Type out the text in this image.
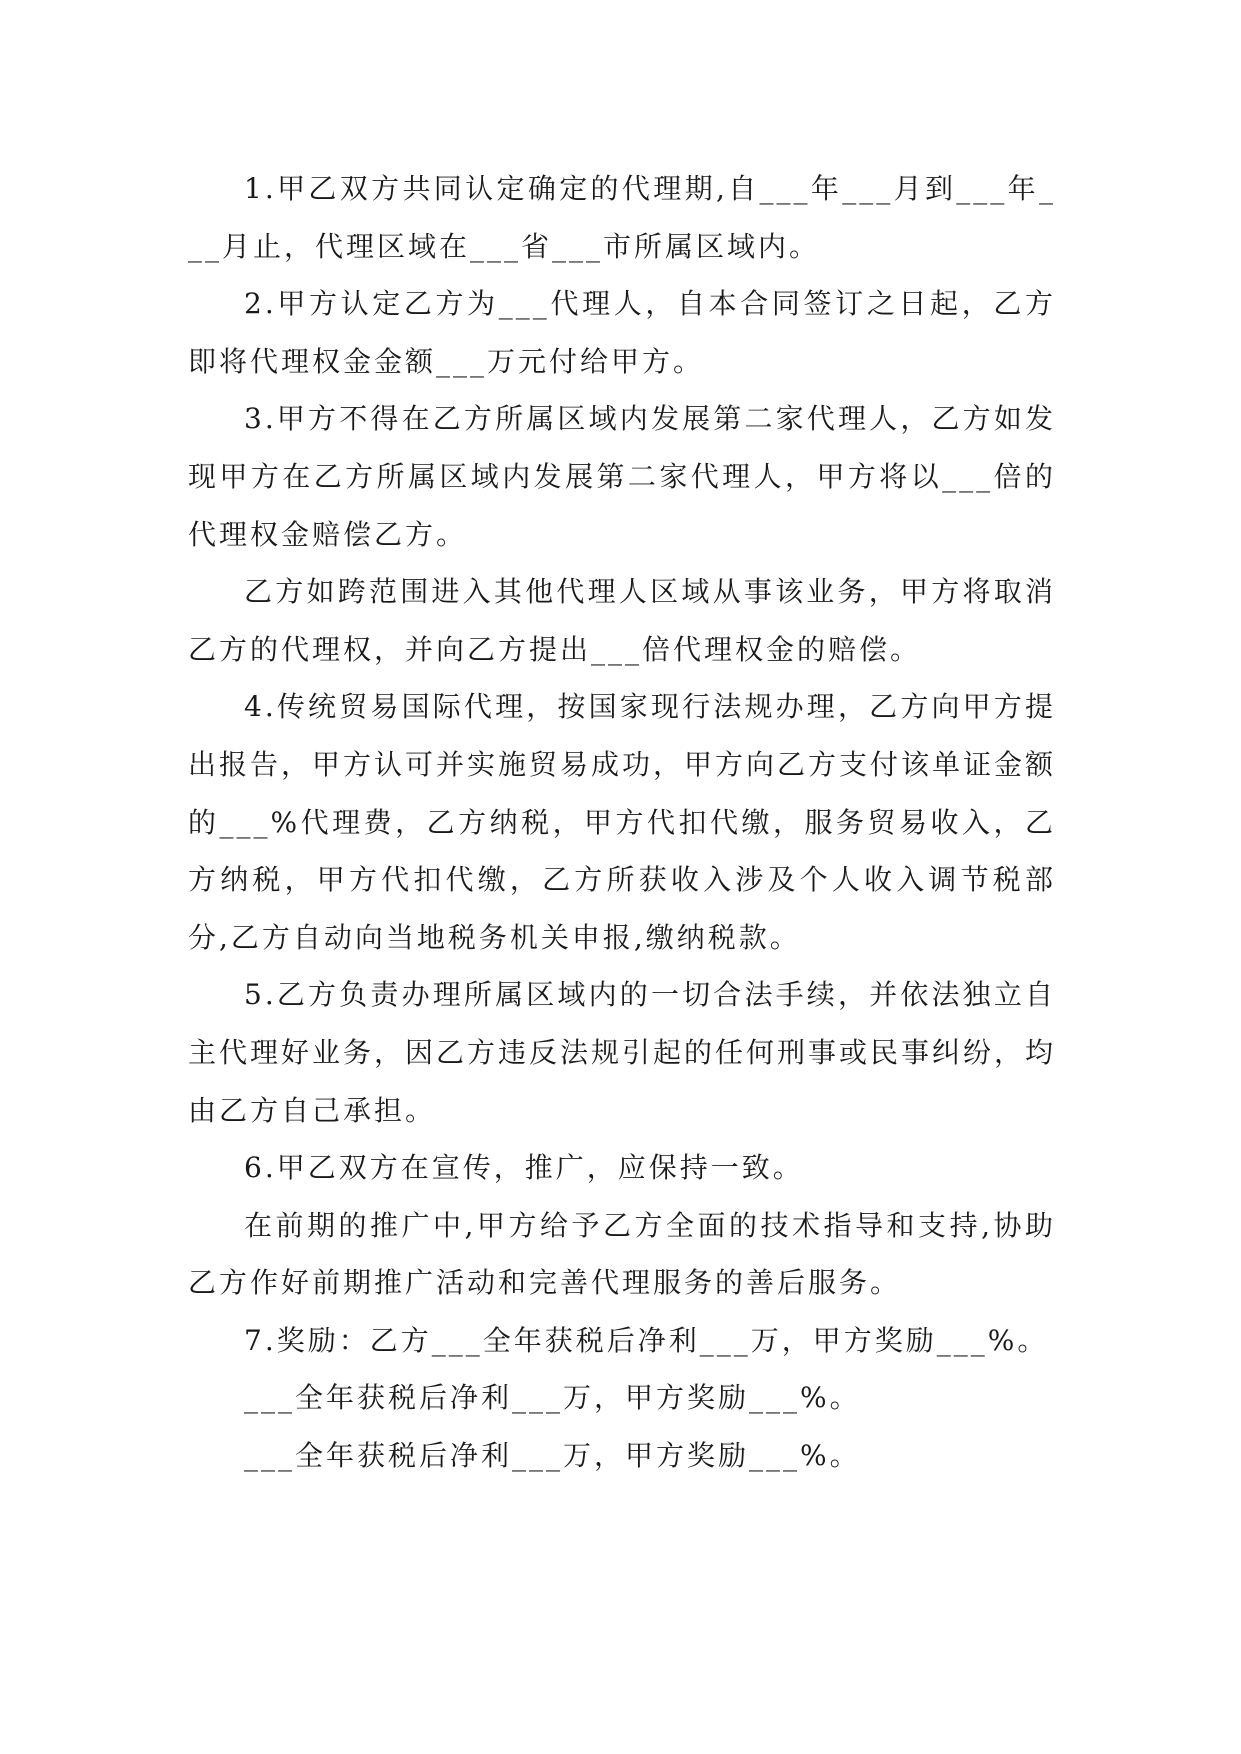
1.甲乙双方共同认定确定的代理期,自___年___月到___年___月止，代理区域在___省___市所属区域内。

2.甲方认定乙方为___代理人，自本合同签订之日起，乙方即将代理权金金额___万元付给甲方。

3.甲方不得在乙方所属区域内发展第二家代理人，乙方如发现甲方在乙方所属区域内发展第二家代理人，甲方将以___倍的代理权金赔偿乙方。

乙方如跨范围进入其他代理人区域从事该业务，甲方将取消乙方的代理权，并向乙方提出___倍代理权金的赔偿。

4.传统贸易国际代理，按国家现行法规办理，乙方向甲方提出报告，甲方认可并实施贸易成功，甲方向乙方支付该单证金额的___%代理费，乙方纳税，甲方代扣代缴，服务贸易收入，乙方纳税，甲方代扣代缴，乙方所获收入涉及个人收入调节税部分,乙方自动向当地税务机关申报,缴纳税款。

5.乙方负责办理所属区域内的一切合法手续，并依法独立自主代理好业务，因乙方违反法规引起的任何刑事或民事纠纷，均由乙方自己承担。

6.甲乙双方在宣传，推广，应保持一致。

在前期的推广中,甲方给予乙方全面的技术指导和支持,协助乙方作好前期推广活动和完善代理服务的善后服务。

7.奖励：乙方___全年获税后净利___万，甲方奖励___%。

___全年获税后净利___万，甲方奖励___%。

___全年获税后净利___万，甲方奖励___%。
